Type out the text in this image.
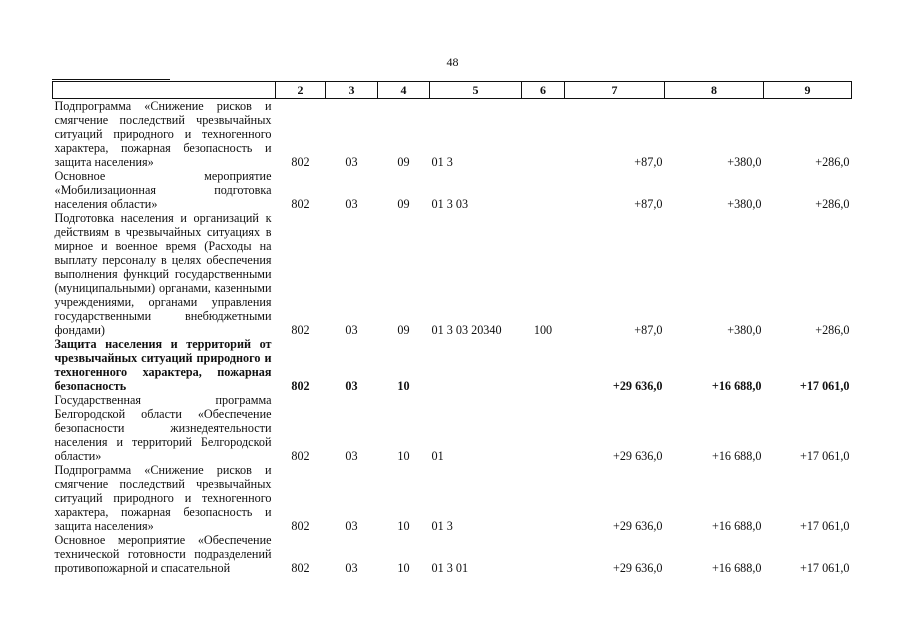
48
	2	3	4	5	6	7	8	9
Подпрограмма «Снижение рисков и смягчение последствий чрезвычайных ситуаций природного и техногенного характера, пожарная безопасность и защита населения»	802	03	09	01 3		+87,0	+380,0	+286,0
Основное мероприятие «Мобилизационная подготовка населения области»	802	03	09	01 3 03		+87,0	+380,0	+286,0
Подготовка населения и организаций к действиям в чрезвычайных ситуациях в мирное и военное время (Расходы на выплату персоналу в целях обеспечения выполнения функций государственными (муниципальными) органами, казенными учреждениями, органами управления государственными внебюджетными фондами)	802	03	09	01 3 03 20340	100	+87,0	+380,0	+286,0
Защита населения и территорий от чрезвычайных ситуаций природного и техногенного характера, пожарная безопасность	802	03	10			+29 636,0	+16 688,0	+17 061,0
Государственная программа Белгородской области «Обеспечение безопасности жизнедеятельности населения и территорий Белгородской области»	802	03	10	01		+29 636,0	+16 688,0	+17 061,0
Подпрограмма «Снижение рисков и смягчение последствий чрезвычайных ситуаций природного и техногенного характера, пожарная безопасность и защита населения»	802	03	10	01 3		+29 636,0	+16 688,0	+17 061,0
Основное мероприятие «Обеспечение технической готовности подразделений противопожарной и спасательной	802	03	10	01 3 01		+29 636,0	+16 688,0	+17 061,0
